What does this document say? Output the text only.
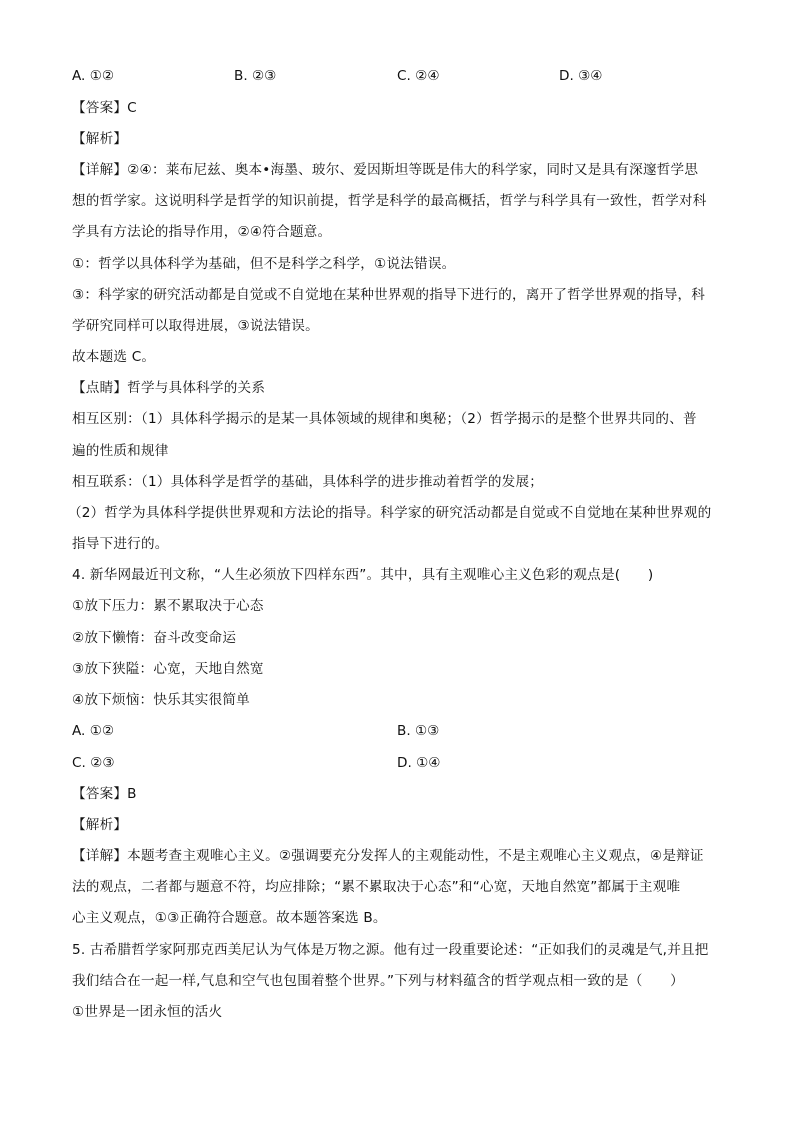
A. ①②	B. ②③	C. ②④	D. ③④
【答案】C
【解析】
【详解】②④：莱布尼兹、奥本•海墨、玻尔、爱因斯坦等既是伟大的科学家，同时又是具有深邃哲学思
想的哲学家。这说明科学是哲学的知识前提，哲学是科学的最高概括，哲学与科学具有一致性，哲学对科
学具有方法论的指导作用，②④符合题意。
①：哲学以具体科学为基础，但不是科学之科学，①说法错误。
③：科学家的研究活动都是自觉或不自觉地在某种世界观的指导下进行的，离开了哲学世界观的指导，科
学研究同样可以取得进展，③说法错误。
故本题选 C。
【点睛】哲学与具体科学的关系
相互区别：（1）具体科学揭示的是某一具体领域的规律和奥秘；（2）哲学揭示的是整个世界共同的、普
遍的性质和规律
相互联系：（1）具体科学是哲学的基础，具体科学的进步推动着哲学的发展；
（2）哲学为具体科学提供世界观和方法论的指导。科学家的研究活动都是自觉或不自觉地在某种世界观的
指导下进行的。
4. 新华网最近刊文称，“人生必须放下四样东西”。其中，具有主观唯心主义色彩的观点是(　　)
①放下压力：累不累取决于心态
②放下懒惰：奋斗改变命运
③放下狭隘：心宽，天地自然宽
④放下烦恼：快乐其实很简单
A. ①②	B. ①③
C. ②③	D. ①④
【答案】B
【解析】
【详解】本题考查主观唯心主义。②强调要充分发挥人的主观能动性，不是主观唯心主义观点，④是辩证
法的观点，二者都与题意不符，均应排除；“累不累取决于心态”和“心宽，天地自然宽”都属于主观唯
心主义观点，①③正确符合题意。故本题答案选 B。
5. 古希腊哲学家阿那克西美尼认为气体是万物之源。他有过一段重要论述：“正如我们的灵魂是气,并且把
我们结合在一起一样,气息和空气也包围着整个世界。”下列与材料蕴含的哲学观点相一致的是（　　）
①世界是一团永恒的活火
